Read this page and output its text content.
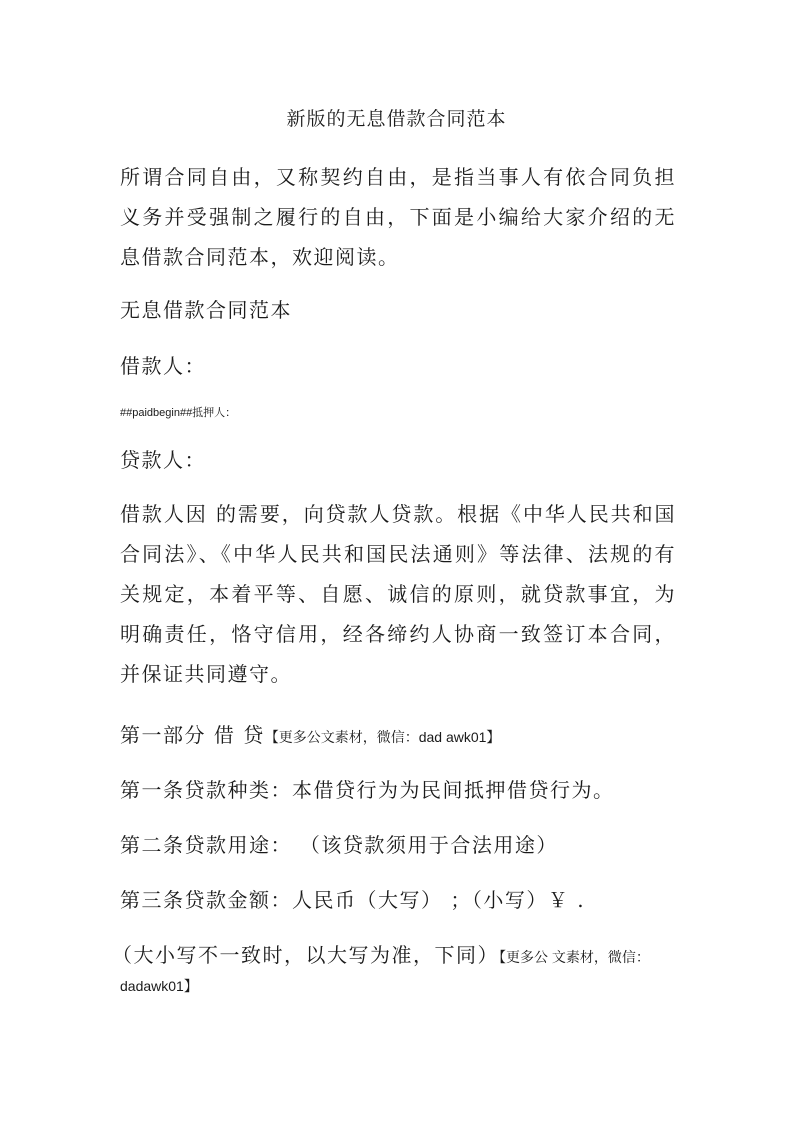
新版的无息借款合同范本
所谓合同自由，又称契约自由，是指当事人有依合同负担义务并受强制之履行的自由，下面是小编给大家介绍的无息借款合同范本，欢迎阅读。
无息借款合同范本
借款人：
##paidbegin##抵押人：
贷款人：
借款人因 的需要，向贷款人贷款。根据《中华人民共和国合同法》、《中华人民共和国民法通则》等法律、法规的有关规定，本着平等、自愿、诚信的原则，就贷款事宜，为明确责任，恪守信用，经各缔约人协商一致签订本合同，并保证共同遵守。
第一部分 借 贷【更多公文素材，微信：dad awk01】
第一条贷款种类：本借贷行为为民间抵押借贷行为。
第二条贷款用途： （该贷款须用于合法用途）
第三条贷款金额：人民币（大写） ；（小写）￥ .
（大小写不一致时，以大写为准，下同）【更多公 文素材，微信：
dadawk01】
